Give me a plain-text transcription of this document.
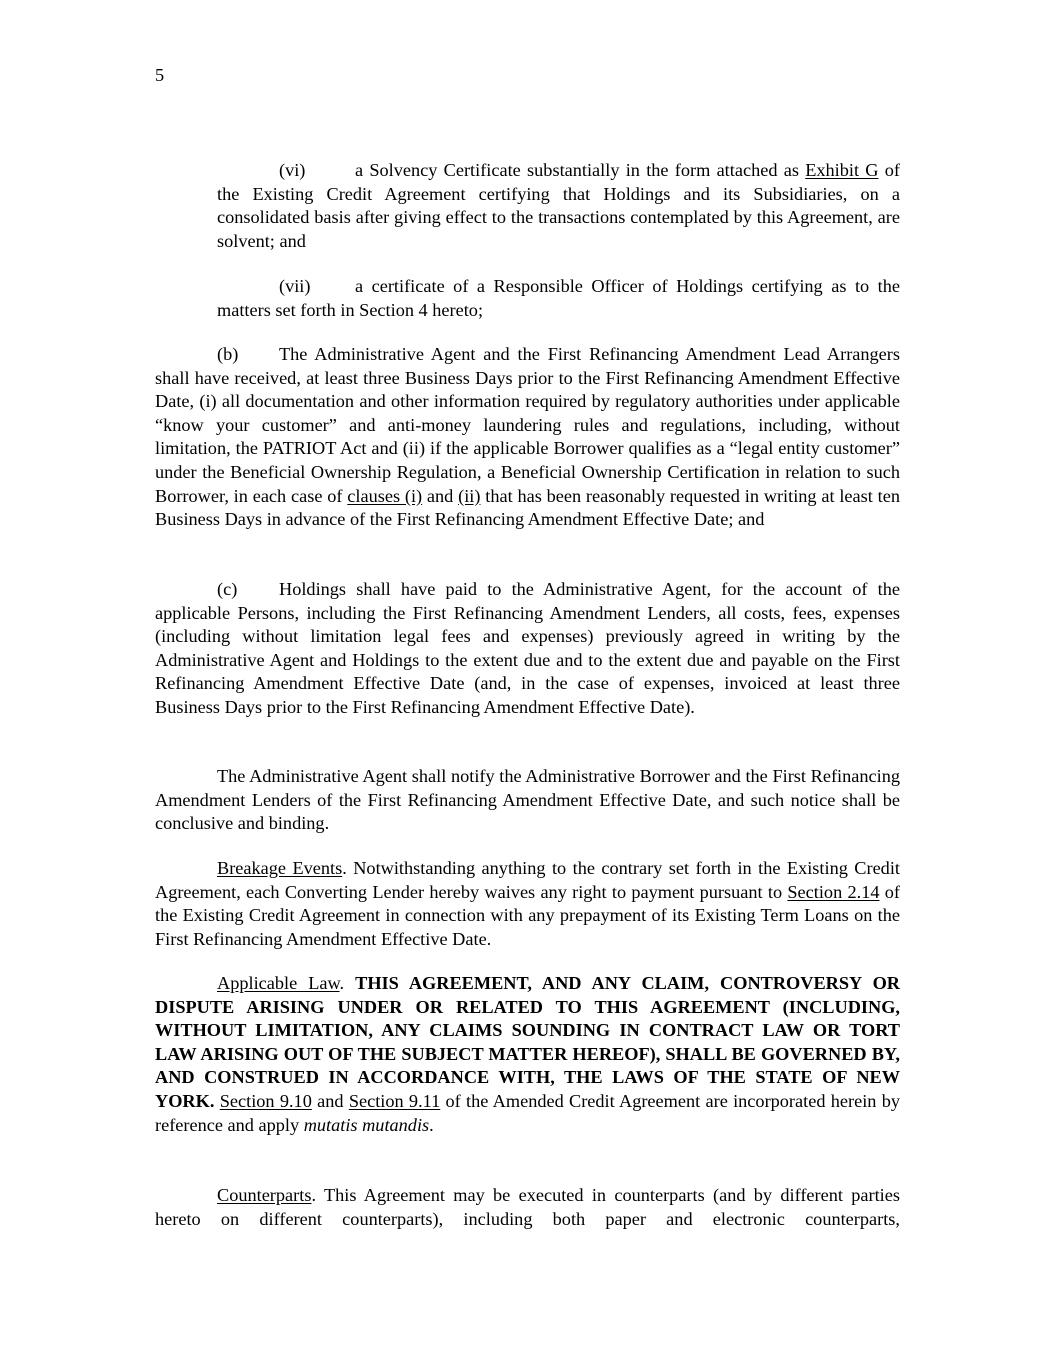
5

(vi)	a Solvency Certificate substantially in the form attached as Exhibit G of the Existing Credit Agreement certifying that Holdings and its Subsidiaries, on a consolidated basis after giving effect to the transactions contemplated by this Agreement, are solvent; and

(vii) a certificate of a Responsible Officer of Holdings certifying as to the matters set forth in Section 4 hereto;

(b) The Administrative Agent and the First Refinancing Amendment Lead Arrangers shall have received, at least three Business Days prior to the First Refinancing Amendment Effective Date, (i) all documentation and other information required by regulatory authorities under applicable “know your customer” and anti-money laundering rules and regulations, including, without limitation, the PATRIOT Act and (ii) if the applicable Borrower qualifies as a “legal entity customer” under the Beneficial Ownership Regulation, a Beneficial Ownership Certification in relation to such Borrower, in each case of clauses (i) and (ii) that has been reasonably requested in writing at least ten Business Days in advance of the First Refinancing Amendment Effective Date; and

(c) Holdings shall have paid to the Administrative Agent, for the account of the applicable Persons, including the First Refinancing Amendment Lenders, all costs, fees, expenses (including without limitation legal fees and expenses) previously agreed in writing by the Administrative Agent and Holdings to the extent due and to the extent due and payable on the First Refinancing Amendment Effective Date (and, in the case of expenses, invoiced at least three Business Days prior to the First Refinancing Amendment Effective Date).

The Administrative Agent shall notify the Administrative Borrower and the First Refinancing Amendment Lenders of the First Refinancing Amendment Effective Date, and such notice shall be conclusive and binding.

Breakage Events. Notwithstanding anything to the contrary set forth in the Existing Credit Agreement, each Converting Lender hereby waives any right to payment pursuant to Section 2.14 of the Existing Credit Agreement in connection with any prepayment of its Existing Term Loans on the First Refinancing Amendment Effective Date.

Applicable Law. THIS AGREEMENT, AND ANY CLAIM, CONTROVERSY OR DISPUTE ARISING UNDER OR RELATED TO THIS AGREEMENT (INCLUDING, WITHOUT LIMITATION, ANY CLAIMS SOUNDING IN CONTRACT LAW OR TORT LAW ARISING OUT OF THE SUBJECT MATTER HEREOF), SHALL BE GOVERNED BY, AND CONSTRUED IN ACCORDANCE WITH, THE LAWS OF THE STATE OF NEW YORK. Section 9.10 and Section 9.11 of the Amended Credit Agreement are incorporated herein by reference and apply mutatis mutandis.

Counterparts. This Agreement may be executed in counterparts (and by different parties hereto on different counterparts), including both paper and electronic counterparts,
